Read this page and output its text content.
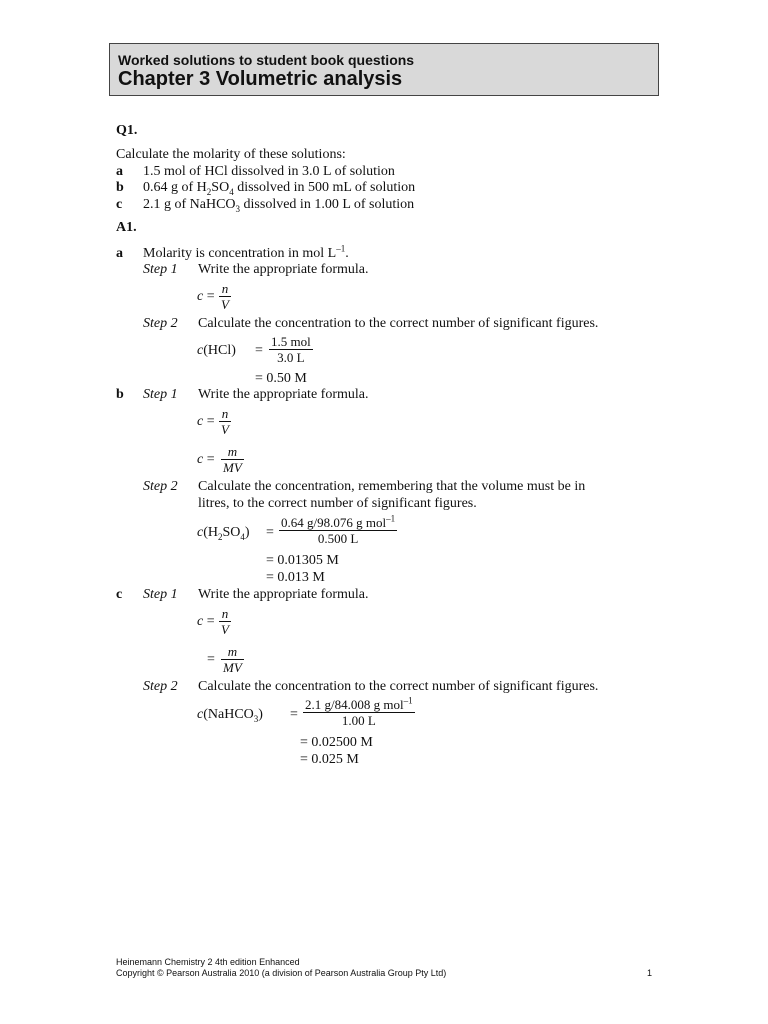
Worked solutions to student book questions
Chapter 3 Volumetric analysis
Q1.
Calculate the molarity of these solutions:
a 1.5 mol of HCl dissolved in 3.0 L of solution
b 0.64 g of $H_2SO_4$ dissolved in 500 mL of solution
c 2.1 g of NaHCO$_3$ dissolved in 1.00 L of solution
A1.
a Molarity is concentration in mol $L^{-1}$.
Step 1 Write the appropriate formula.
c =
n
V
Step 2 Calculate the concentration to the correct number of significant figures.
c(HCl) =
1.5 mol
3.0 L
= 0.50 M
b Step 1 Write the appropriate formula.
c =
n
V
c =
m
MV
Step 2 Calculate the concentration, remembering that the volume must be in
litres, to the correct number of significant figures.
$c(H_2SO_4)$ =
0.64 g/98.076 g mol$^{-1}$
0.500 L
= 0.01305 M
= 0.013 M
c Step 1 Write the appropriate formula.
c =
n
V
=
m
MV
Step 2 Calculate the concentration to the correct number of significant figures.
c(NaHCO$_3$) =
2.1 g/84.008 g mol$^{-1}$
1.00 L
= 0.02500 M
= 0.025 M
Heinemann Chemistry 2 4th edition Enhanced
Copyright © Pearson Australia 2010 (a division of Pearson Australia Group Pty Ltd)	1
